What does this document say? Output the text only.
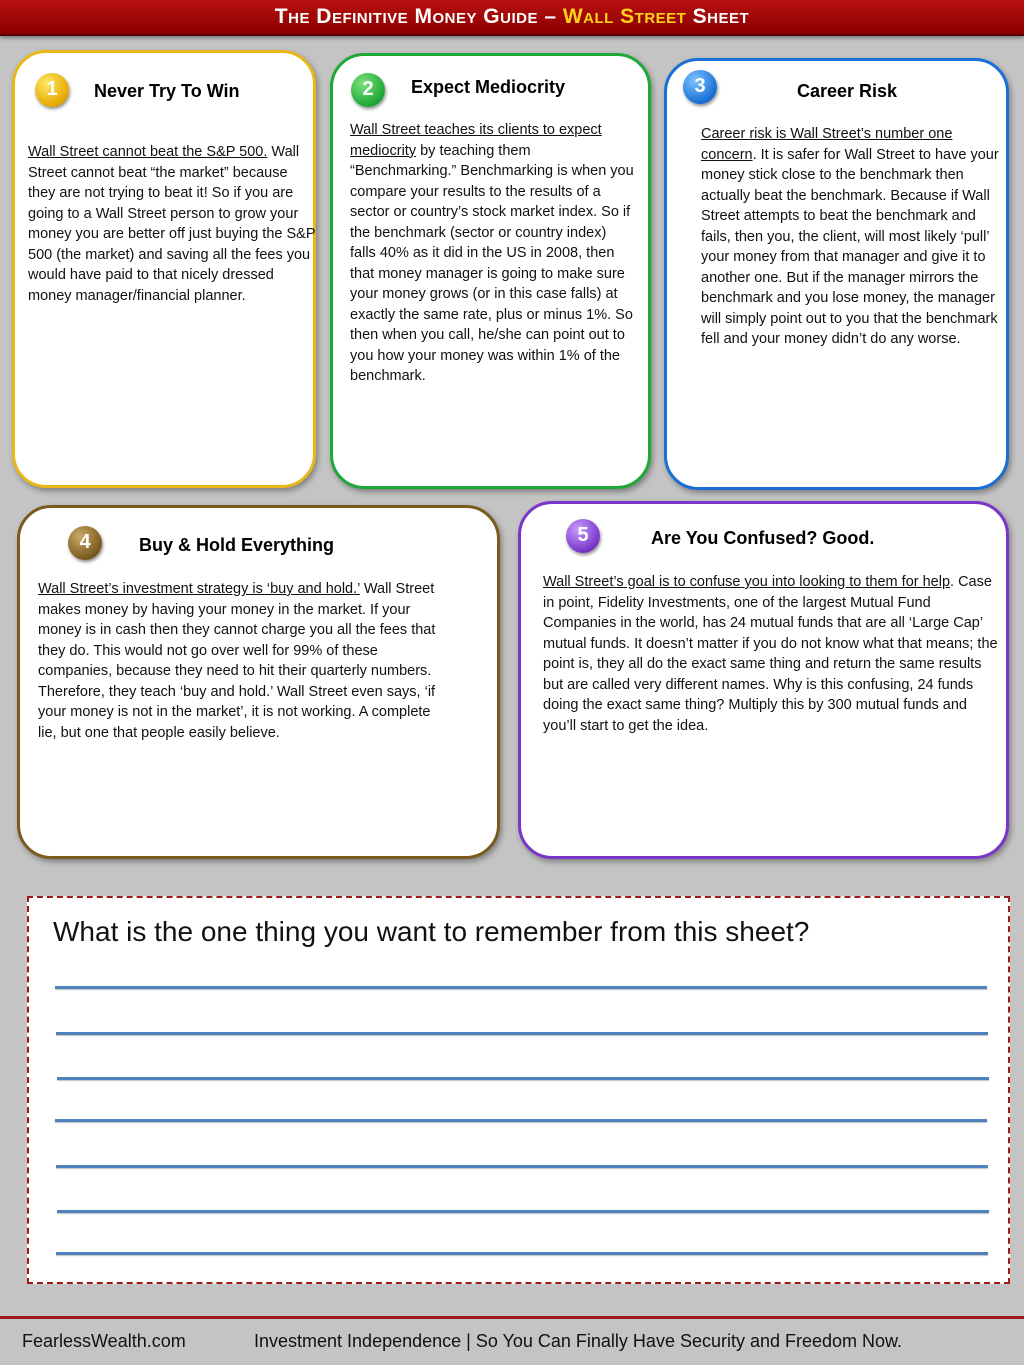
The Definitive Money Guide – Wall Street Sheet
1	Never Try To Win
Wall Street cannot beat the S&P 500. Wall Street cannot beat “the market” because they are not trying to beat it! So if you are going to a Wall Street person to grow your money you are better off just buying the S&P 500 (the market) and saving all the fees you would have paid to that nicely dressed money manager/financial planner.
2	Expect Mediocrity
Wall Street teaches its clients to expect mediocrity by teaching them “Benchmarking.” Benchmarking is when you compare your results to the results of a sector or country’s stock market index. So if the benchmark (sector or country index) falls 40% as it did in the US in 2008, then that money manager is going to make sure your money grows (or in this case falls) at exactly the same rate, plus or minus 1%. So then when you call, he/she can point out to you how your money was within 1% of the benchmark.
3	Career Risk
Career risk is Wall Street’s number one concern. It is safer for Wall Street to have your money stick close to the benchmark then actually beat the benchmark. Because if Wall Street attempts to beat the benchmark and fails, then you, the client, will most likely ‘pull’ your money from that manager and give it to another one. But if the manager mirrors the benchmark and you lose money, the manager will simply point out to you that the benchmark fell and your money didn’t do any worse.
4	Buy & Hold Everything
Wall Street’s investment strategy is ‘buy and hold.’ Wall Street makes money by having your money in the market. If your money is in cash then they cannot charge you all the fees that they do. This would not go over well for 99% of these companies, because they need to hit their quarterly numbers. Therefore, they teach ‘buy and hold.’ Wall Street even says, ‘if your money is not in the market’, it is not working. A complete lie, but one that people easily believe.
5	Are You Confused? Good.
Wall Street’s goal is to confuse you into looking to them for help. Case in point, Fidelity Investments, one of the largest Mutual Fund Companies in the world, has 24 mutual funds that are all ‘Large Cap’ mutual funds. It doesn’t matter if you do not know what that means; the point is, they all do the exact same thing and return the same results but are called very different names. Why is this confusing, 24 funds doing the exact same thing? Multiply this by 300 mutual funds and you’ll start to get the idea.
What is the one thing you want to remember from this sheet?
FearlessWealth.com	Investment Independence | So You Can Finally Have Security and Freedom Now.
